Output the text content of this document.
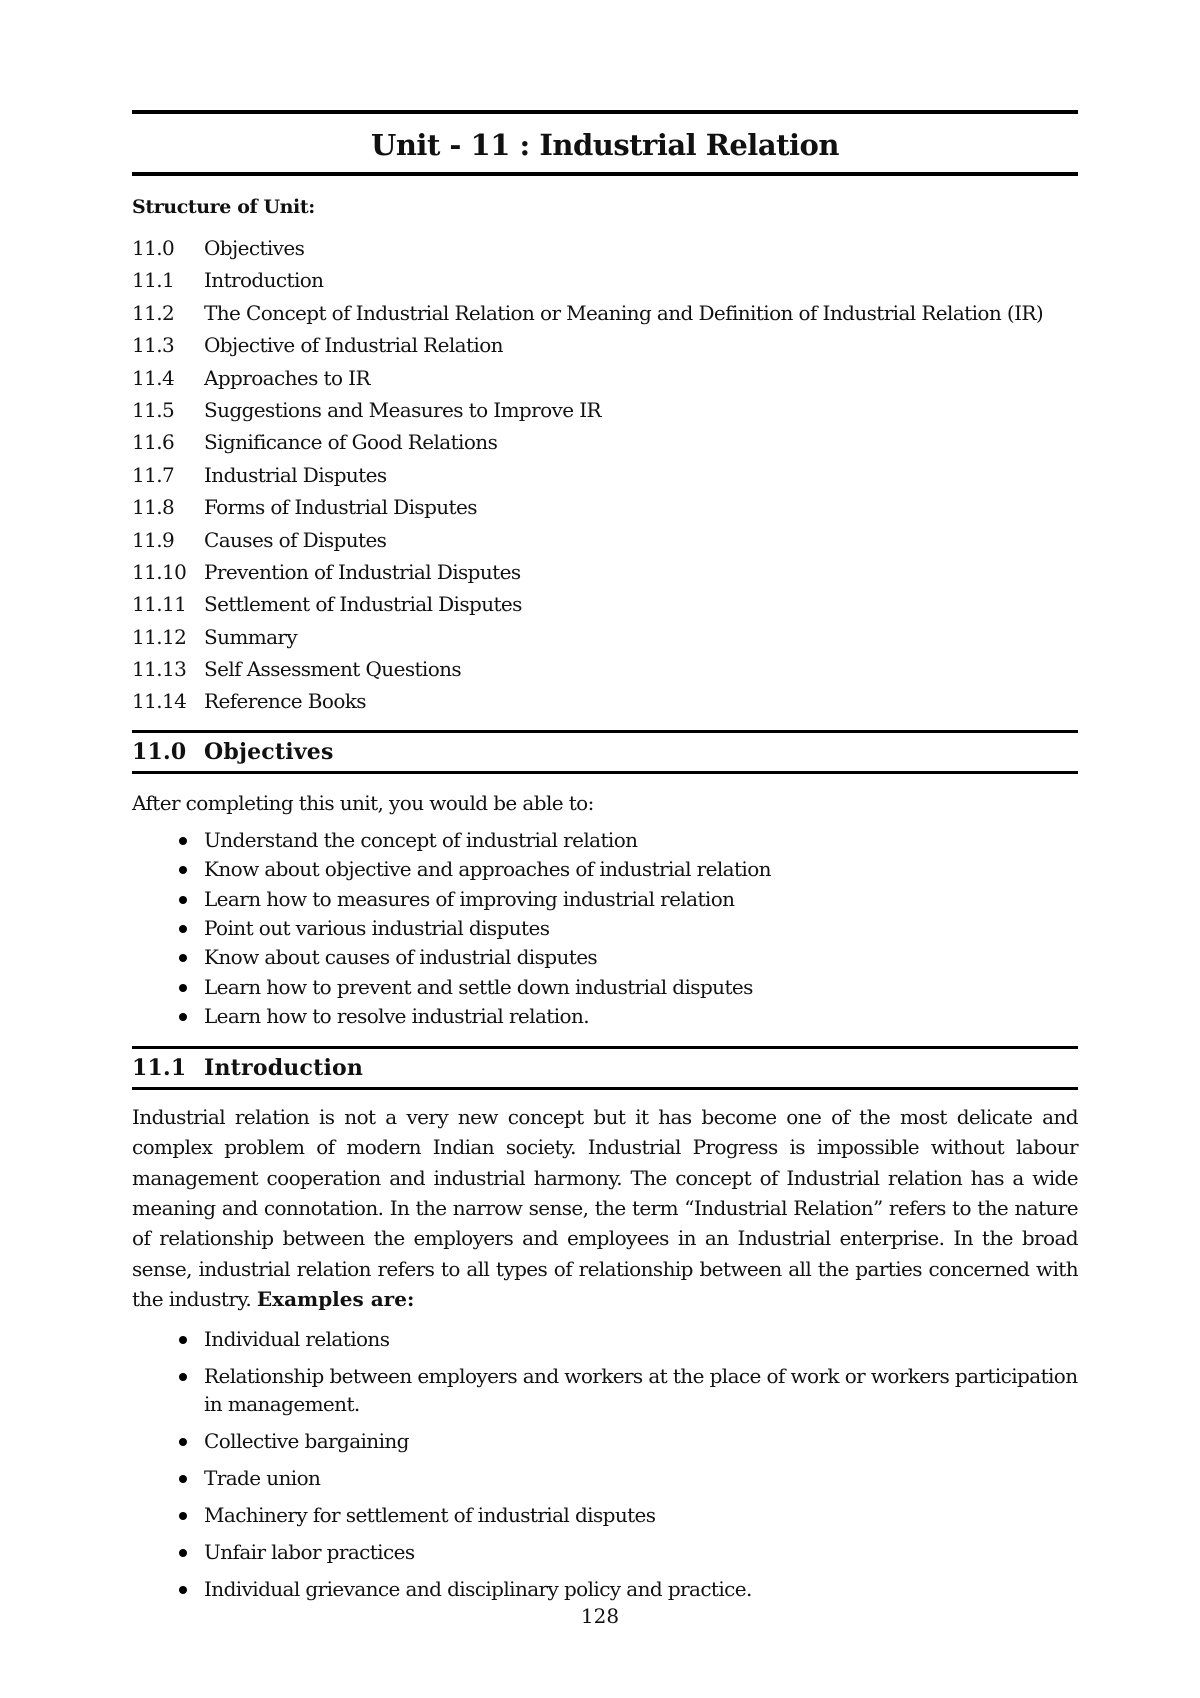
Unit - 11 : Industrial Relation
Structure of Unit:
11.0	Objectives
11.1	Introduction
11.2	The Concept of Industrial Relation or Meaning and Definition of Industrial Relation (IR)
11.3	Objective of Industrial Relation
11.4	Approaches to IR
11.5	Suggestions and Measures to Improve IR
11.6	Significance of Good Relations
11.7	Industrial Disputes
11.8	Forms of Industrial Disputes
11.9	Causes of Disputes
11.10 Prevention of Industrial Disputes
11.11 Settlement of Industrial Disputes
11.12 Summary
11.13 Self Assessment Questions
11.14 Reference Books
11.0 Objectives
After completing this unit, you would be able to:
Understand the concept of industrial relation
Know about objective and approaches of industrial relation
Learn how to measures of improving industrial relation
Point out various industrial disputes
Know about causes of industrial disputes
Learn how to prevent and settle down industrial disputes
Learn how to resolve industrial relation.
11.1 Introduction
Industrial relation is not a very new concept but it has become one of the most delicate and complex problem of modern Indian society. Industrial Progress is impossible without labour management cooperation and industrial harmony. The concept of Industrial relation has a wide meaning and connotation. In the narrow sense, the term “Industrial Relation” refers to the nature of relationship between the employers and employees in an Industrial enterprise. In the broad sense, industrial relation refers to all types of relationship between all the parties concerned with the industry. Examples are:
Individual relations
Relationship between employers and workers at the place of work or workers participation in management.
Collective bargaining
Trade union
Machinery for settlement of industrial disputes
Unfair labor practices
Individual grievance and disciplinary policy and practice.
128
